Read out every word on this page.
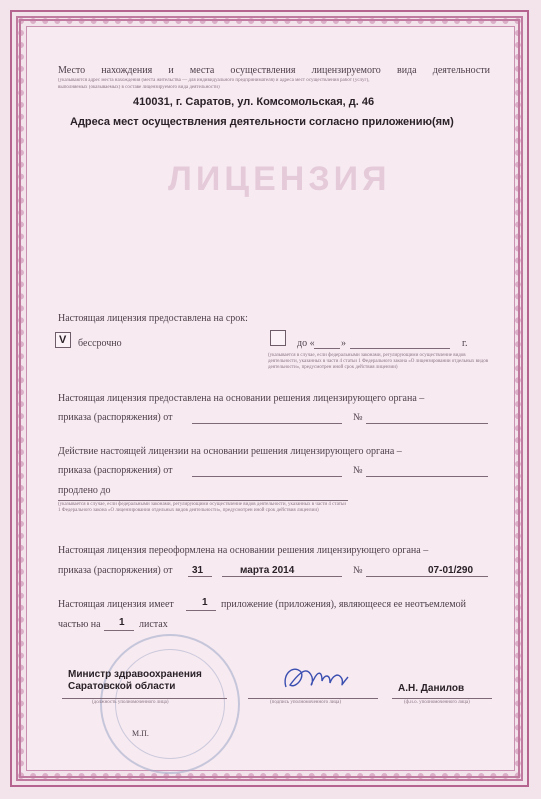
ЛИЦЕНЗИЯ
Место нахождения и места осуществления лицензируемого вида деятельности
(указываются адрес места нахождения (места жительства — для индивидуального предпринимателя) и адреса мест осуществления работ (услуг),
выполняемых (оказываемых) в составе лицензируемого вида деятельности)
410031, г. Саратов, ул. Комсомольская, д. 46
Адреса мест осуществления деятельности согласно приложению(ям)
Настоящая лицензия предоставлена на срок:
V бессрочно	до «	»	г.
(указывается в случае, если федеральными законами, регулирующими осуществление видов деятельности, указанных в части 4 статьи 1 Федерального закона «О лицензировании отдельных видов деятельности», предусмотрен иной срок действия лицензии)
Настоящая лицензия предоставлена на основании решения лицензирующего органа –
приказа (распоряжения) от	№
Действие настоящей лицензии на основании решения лицензирующего органа –
приказа (распоряжения) от	№
продлено до
(указывается в случае, если федеральными законами, регулирующими осуществление видов деятельности, указанных в части 4 статьи 1 Федерального закона «О лицензировании отдельных видов деятельности», предусмотрен иной срок действия лицензии)
Настоящая лицензия переоформлена на основании решения лицензирующего органа –
приказа (распоряжения) от 31	марта 2014	№	07-01/290
Настоящая лицензия имеет	1 приложение (приложения), являющееся ее неотъемлемой
частью на 1 листах
Министр здравоохранения
Саратовской области
(должность уполномоченного лица)	(подпись уполномоченного лица)
А.Н. Данилов
(ф.и.о. уполномоченного лица)
М.П.
